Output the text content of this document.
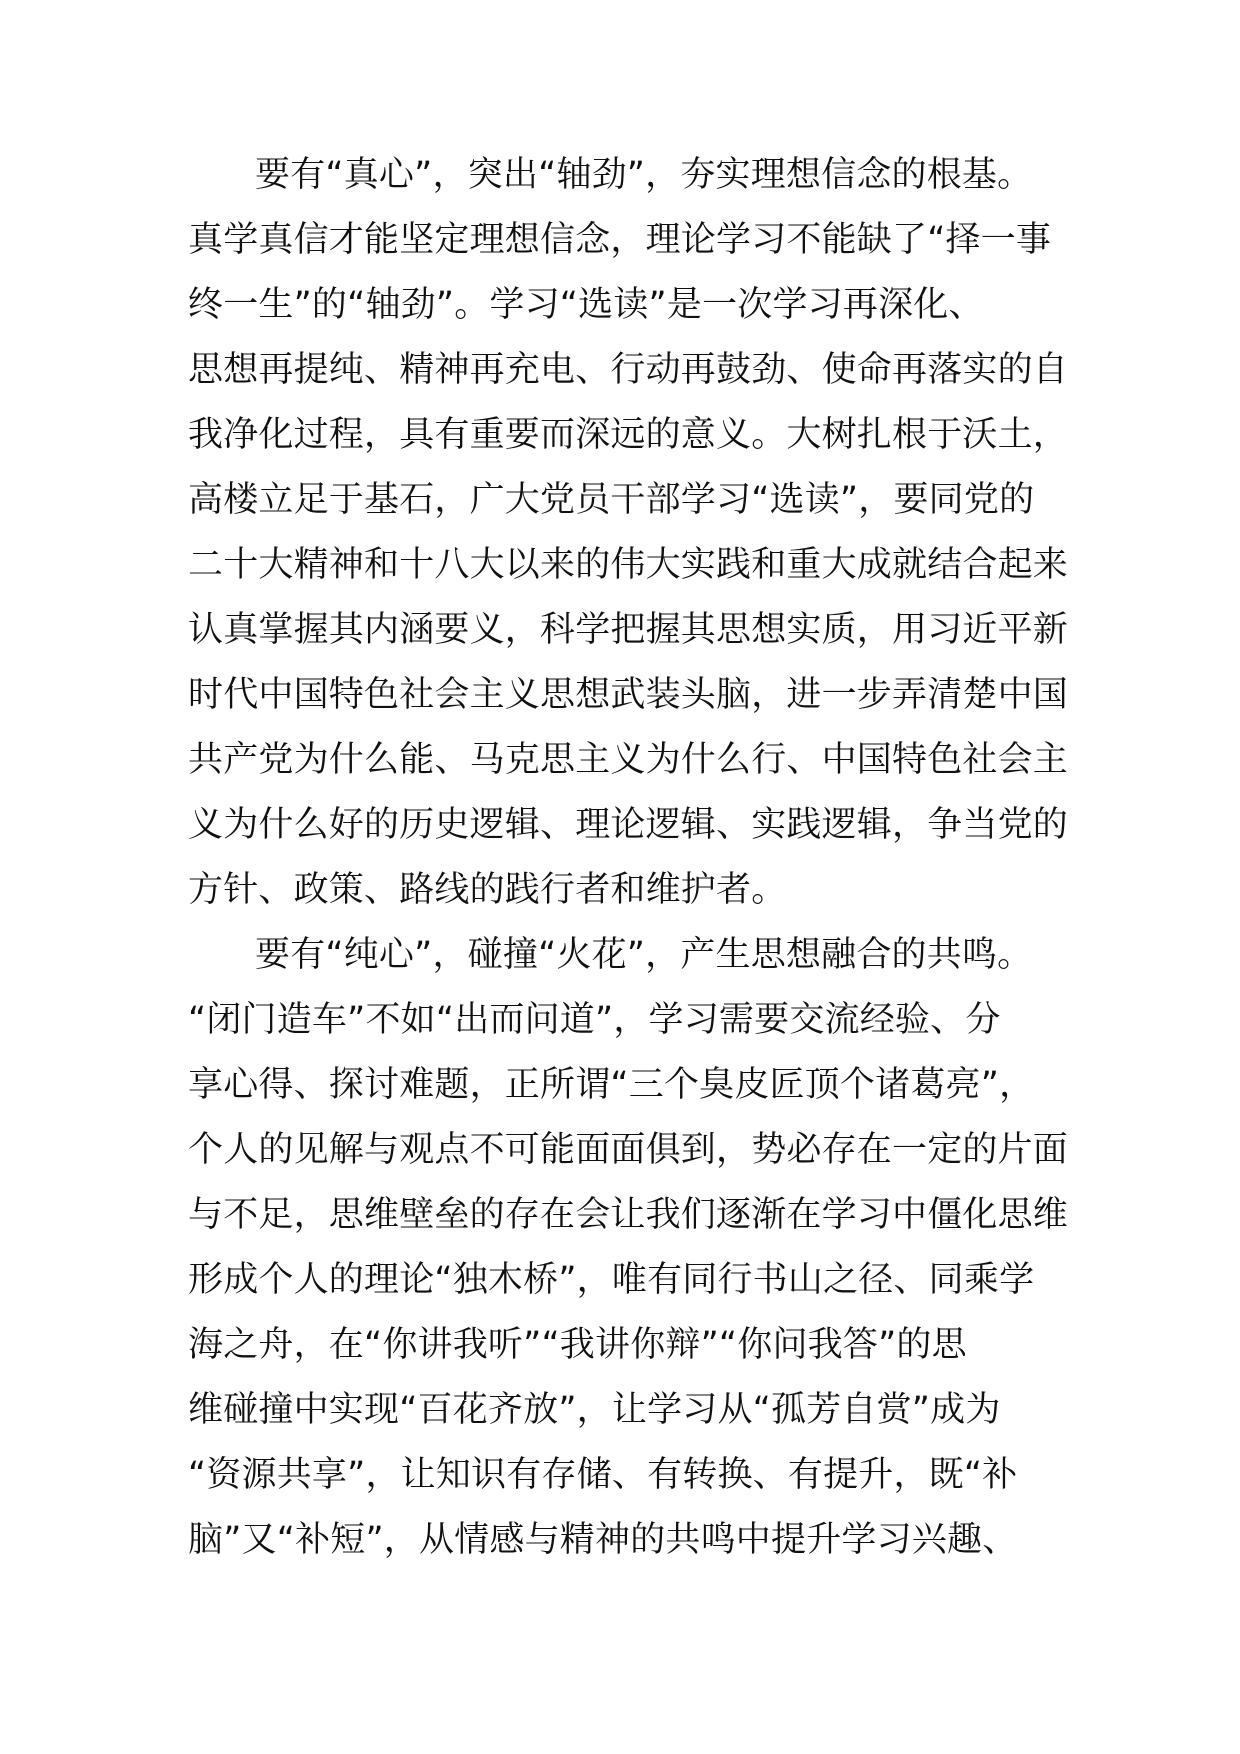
要有“真心”，突出“轴劲”，夯实理想信念的根基。
真学真信才能坚定理想信念，理论学习不能缺了“择一事
终一生”的“轴劲”。学习“选读”是一次学习再深化、
思想再提纯、精神再充电、行动再鼓劲、使命再落实的自
我净化过程，具有重要而深远的意义。大树扎根于沃土，
高楼立足于基石，广大党员干部学习“选读”，要同党的
二十大精神和十八大以来的伟大实践和重大成就结合起来
认真掌握其内涵要义，科学把握其思想实质，用习近平新
时代中国特色社会主义思想武装头脑，进一步弄清楚中国
共产党为什么能、马克思主义为什么行、中国特色社会主
义为什么好的历史逻辑、理论逻辑、实践逻辑，争当党的
方针、政策、路线的践行者和维护者。
要有“纯心”，碰撞“火花”，产生思想融合的共鸣。
“闭门造车”不如“出而问道”，学习需要交流经验、分
享心得、探讨难题，正所谓“三个臭皮匠顶个诸葛亮”，
个人的见解与观点不可能面面俱到，势必存在一定的片面
与不足，思维壁垒的存在会让我们逐渐在学习中僵化思维
形成个人的理论“独木桥”，唯有同行书山之径、同乘学
海之舟，在“你讲我听”“我讲你辩”“你问我答”的思
维碰撞中实现“百花齐放”，让学习从“孤芳自赏”成为
“资源共享”，让知识有存储、有转换、有提升，既“补
脑”又“补短”，从情感与精神的共鸣中提升学习兴趣、
